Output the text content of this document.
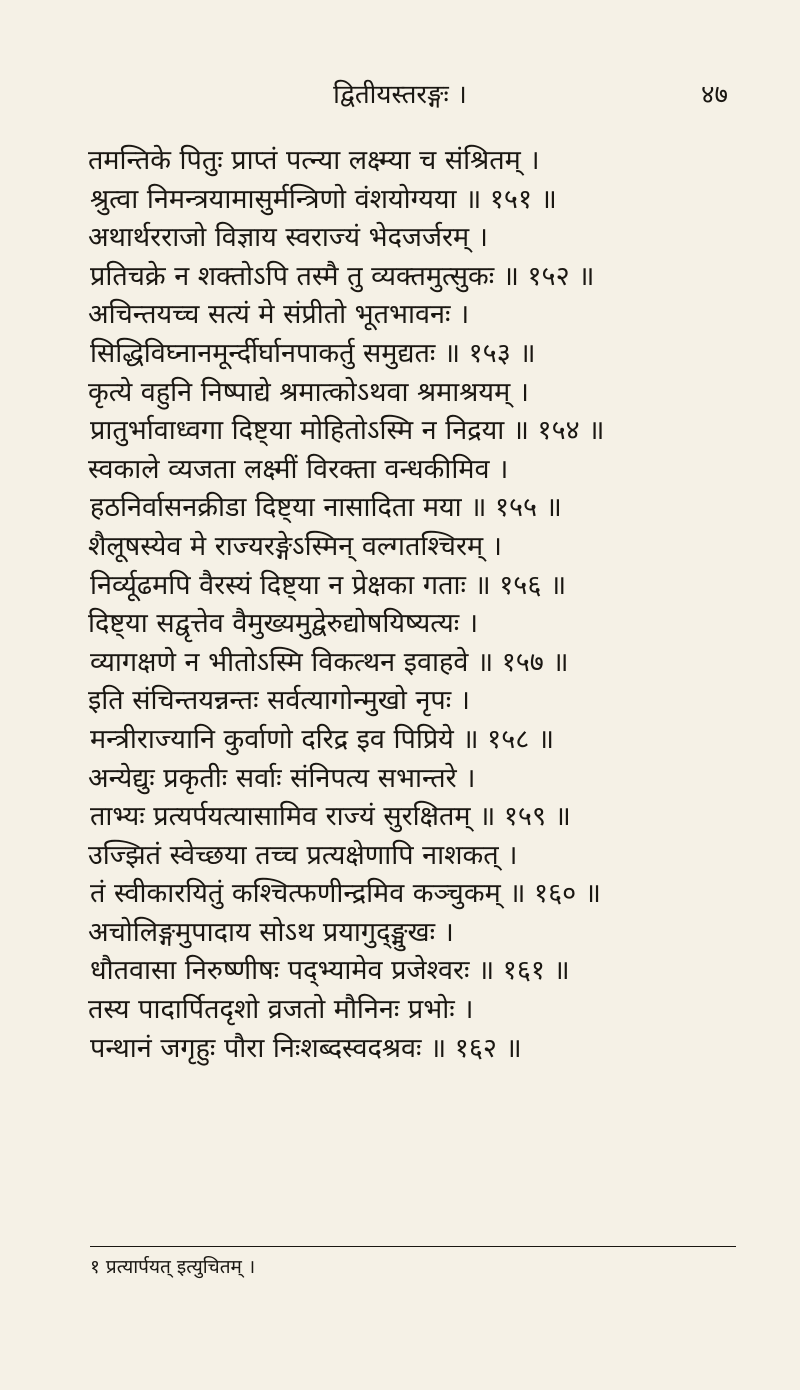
द्वितीयस्तरङ्गः ।	४७
तमन्तिके पितुः प्राप्तं पत्न्या लक्ष्म्या च संश्रितम् ।
श्रुत्वा निमन्त्रयामासुर्मन्त्रिणो वंशयोग्यया ॥ १५१ ॥
अथार्थरराजो विज्ञाय स्वराज्यं भेदजर्जरम् ।
प्रतिचक्रे न शक्तोऽपि तस्मै तु व्यक्तमुत्सुकः ॥ १५२ ॥
अचिन्तयच्च सत्यं मे संप्रीतो भूतभावनः ।
सिद्धिविघ्नानमूर्न्दीर्घानपाकर्तु समुद्यतः ॥ १५३ ॥
कृत्ये वहुनि निष्पाद्ये श्रमात्कोऽथवा श्रमाश्रयम् ।
प्रातुर्भावाध्वगा दिष्ट्या मोहितोऽस्मि न निद्रया ॥ १५४ ॥
स्वकाले व्यजता लक्ष्मीं विरक्ता वन्धकीमिव ।
हठनिर्वासनक्रीडा दिष्ट्या नासादिता मया ॥ १५५ ॥
शैलूषस्येव मे राज्यरङ्गेऽस्मिन् वल्गतश्चिरम् ।
निर्व्यूढमपि वैरस्यं दिष्ट्या न प्रेक्षका गताः ॥ १५६ ॥
दिष्ट्या सद्वृत्तेव वैमुख्यमुद्वेरुद्योषयिष्यत्यः ।
व्यागक्षणे न भीतोऽस्मि विकत्थन इवाहवे ॥ १५७ ॥
इति संचिन्तयन्नन्तः सर्वत्यागोन्मुखो नृपः ।
मन्त्रीराज्यानि कुर्वाणो दरिद्र इव पिप्रिये ॥ १५८ ॥
अन्येद्युः प्रकृतीः सर्वाः संनिपत्य सभान्तरे ।
ताभ्यः प्रत्यर्पयत्यासामिव राज्यं सुरक्षितम् ॥ १५९ ॥
उज्झितं स्वेच्छया तच्च प्रत्यक्षेणापि नाशकत् ।
तं स्वीकारयितुं कश्चित्फणीन्द्रमिव कञ्चुकम् ॥ १६० ॥
अचोलिङ्गमुपादाय सोऽथ प्रयागुद्ङ्मुखः ।
धौतवासा निरुष्णीषः पद्भ्यामेव प्रजेश्वरः ॥ १६१ ॥
तस्य पादार्पितदृशो व्रजतो मौनिनः प्रभोः ।
पन्थानं जगृहुः पौरा निःशब्दस्वदश्रवः ॥ १६२ ॥
१ प्रत्यार्पयत् इत्युचितम् ।
